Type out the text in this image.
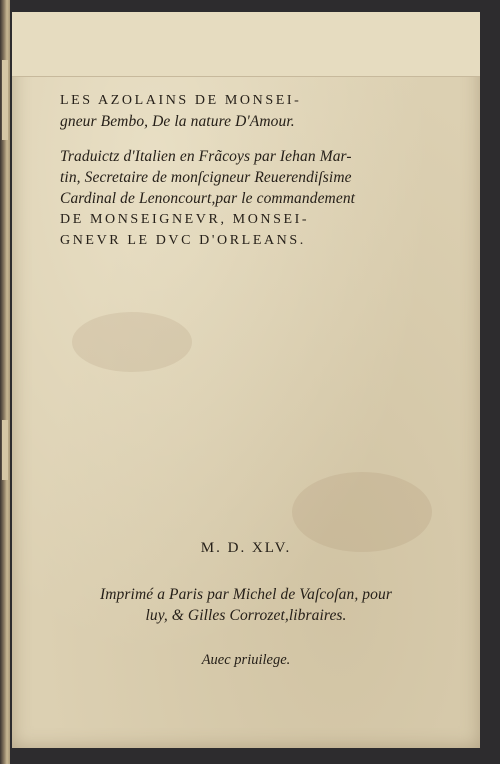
LES AZOLAINS DE MONSEI-
gneur Bembo, De la nature D'Amour.
Traduictz d'Italien en Frãcoys par Iehan Mar-
tin, Secretaire de monſcigneur Reuerendiſsime
Cardinal de Lenoncourt,par le commandement
DE MONSEIGNEVR, MONSEI-
GNEVR LE DVC D'ORLEANS.
M. D. XLV.
Imprimé a Paris par Michel de Vaſcoſan, pour
luy, & Gilles Corrozet,libraires.
Auec priuilege.
